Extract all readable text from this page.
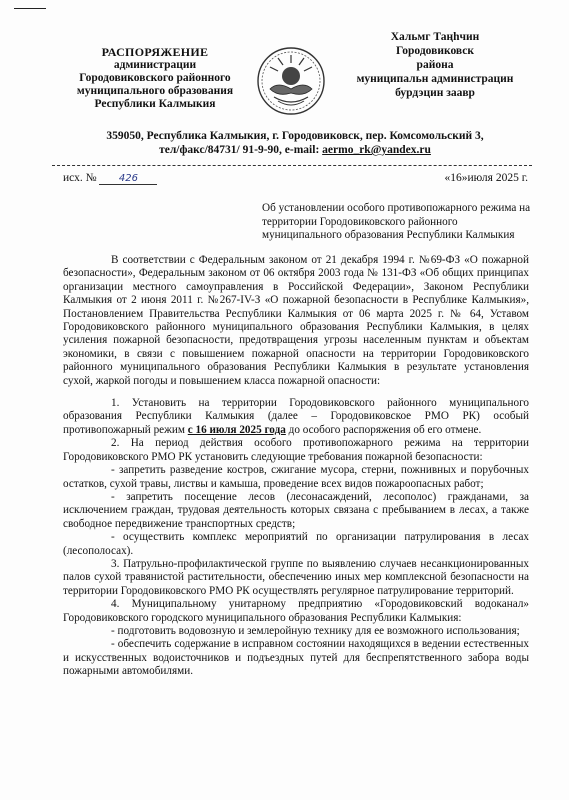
РАСПОРЯЖЕНИЕ
администрации
Городовиковского районного
муниципального образования
Республики Калмыкия
Хальмг Таңһчин
Городовиковск
района
муниципальн администрацин
бурдэцин заавр
359050, Республика Калмыкия, г. Городовиковск, пер. Комсомольский 3,
тел/факс/84731/ 91-9-90, e-mail: aermo_rk@yandex.ru
исх. № 426	«16»июля 2025 г.
Об установлении особого противопожарного режима на территории Городовиковского районного муниципального образования Республики Калмыкия

В соответствии с Федеральным законом от 21 декабря 1994 г. №69-ФЗ «О пожарной безопасности», Федеральным законом от 06 октября 2003 года № 131-ФЗ «Об общих принципах организации местного самоуправления в Российской Федерации», Законом Республики Калмыкия от 2 июня 2011 г. №267-IV-З «О пожарной безопасности в Республике Калмыкия», Постановлением Правительства Республики Калмыкия от 06 марта 2025 г. № 64, Уставом Городовиковского районного муниципального образования Республики Калмыкия, в целях усиления пожарной безопасности, предотвращения угрозы населенным пунктам и объектам экономики, в связи с повышением пожарной опасности на территории Городовиковского районного муниципального образования Республики Калмыкия в результате установления сухой, жаркой погоды и повышением класса пожарной опасности:

1. Установить на территории Городовиковского районного муниципального образования Республики Калмыкия (далее – Городовиковское РМО РК) особый противопожарный режим с 16 июля 2025 года до особого распоряжения об его отмене.

2. На период действия особого противопожарного режима на территории Городовиковского РМО РК установить следующие требования пожарной безопасности:

- запретить разведение костров, сжигание мусора, стерни, пожнивных и порубочных остатков, сухой травы, листвы и камыша, проведение всех видов пожароопасных работ;

- запретить посещение лесов (лесонасаждений, лесополос) гражданами, за исключением граждан, трудовая деятельность которых связана с пребыванием в лесах, а также свободное передвижение транспортных средств;

- осуществить комплекс мероприятий по организации патрулирования в лесах (лесополосах).

3. Патрульно-профилактической группе по выявлению случаев несанкционированных палов сухой травянистой растительности, обеспечению иных мер комплексной безопасности на территории Городовиковского РМО РК осуществлять регулярное патрулирование территорий.

4. Муниципальному унитарному предприятию «Городовиковский водоканал» Городовиковского городского муниципального образования Республики Калмыкия:

- подготовить водовозную и землеройную технику для ее возможного использования;

- обеспечить содержание в исправном состоянии находящихся в ведении естественных и искусственных водоисточников и подъездных путей для беспрепятственного забора воды пожарными автомобилями.
